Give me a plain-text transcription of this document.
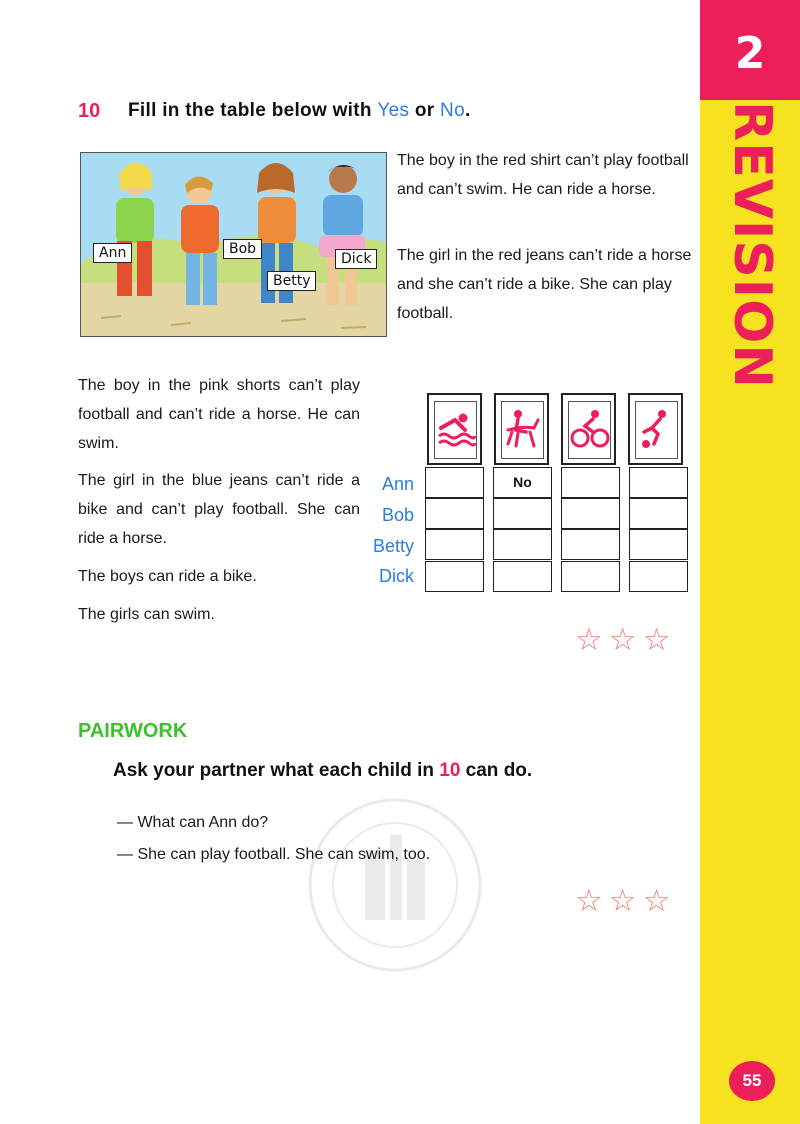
2
REVISION
55
10 Fill in the table below with Yes or No.
Ann	Bob
Betty
Dick
The boy in the red shirt can’t play football and can’t swim. He can ride a horse.
The girl in the red jeans can’t ride a horse and she can’t ride a bike. She can play football.
The boy in the pink shorts can’t play football and can’t ride a horse. He can swim.
The girl in the blue jeans can’t ride a bike and can’t play football. She can ride a horse.
The boys can ride a bike.
The girls can swim.
Ann
Bob
Betty
Dick
No
☆☆☆
PAIRWORK
Ask your partner what each child in 10 can do.
— What can Ann do?
— She can play football. She can swim, too.
☆☆☆
